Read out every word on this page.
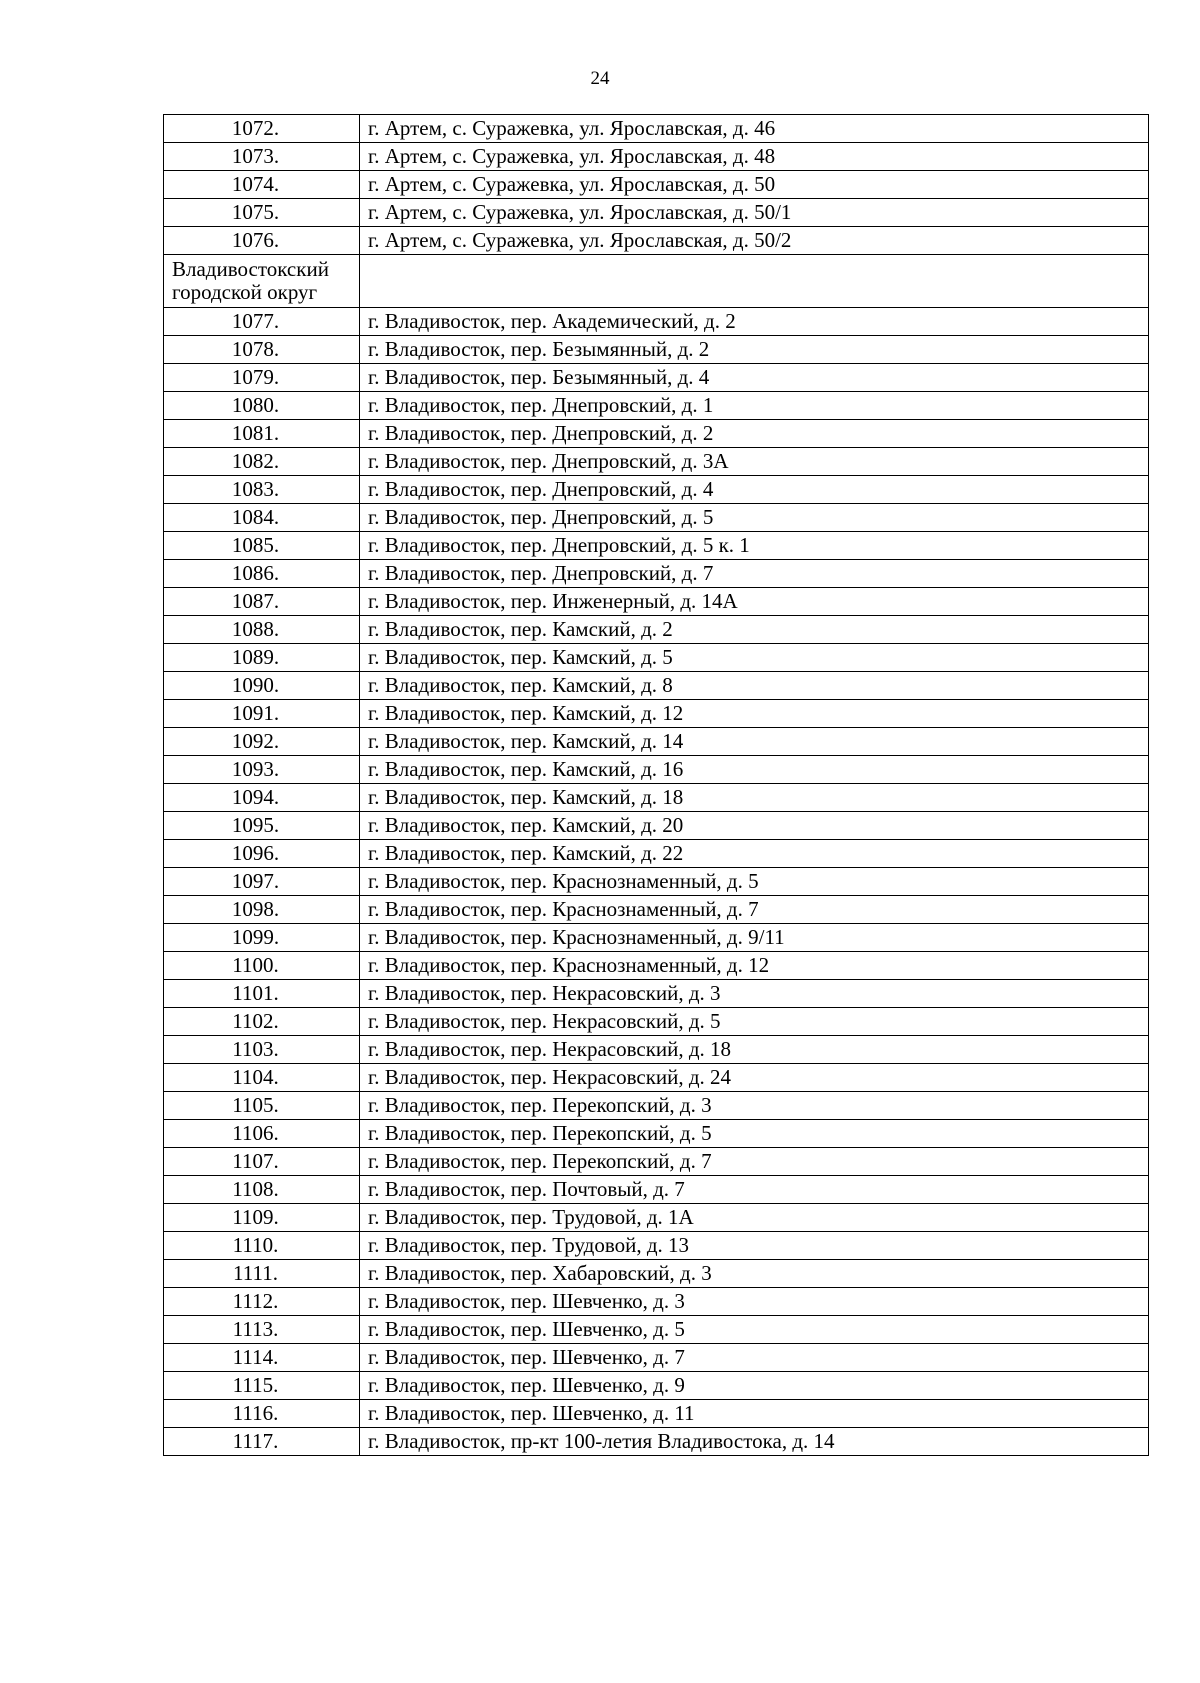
24
1072.	г. Артем, с. Суражевка, ул. Ярославская, д. 46
1073.	г. Артем, с. Суражевка, ул. Ярославская, д. 48
1074.	г. Артем, с. Суражевка, ул. Ярославская, д. 50
1075.	г. Артем, с. Суражевка, ул. Ярославская, д. 50/1
1076.	г. Артем, с. Суражевка, ул. Ярославская, д. 50/2
Владивостокский городской округ	
1077.	г. Владивосток, пер. Академический, д. 2
1078.	г. Владивосток, пер. Безымянный, д. 2
1079.	г. Владивосток, пер. Безымянный, д. 4
1080.	г. Владивосток, пер. Днепровский, д. 1
1081.	г. Владивосток, пер. Днепровский, д. 2
1082.	г. Владивосток, пер. Днепровский, д. 3А
1083.	г. Владивосток, пер. Днепровский, д. 4
1084.	г. Владивосток, пер. Днепровский, д. 5
1085.	г. Владивосток, пер. Днепровский, д. 5 к. 1
1086.	г. Владивосток, пер. Днепровский, д. 7
1087.	г. Владивосток, пер. Инженерный, д. 14А
1088.	г. Владивосток, пер. Камский, д. 2
1089.	г. Владивосток, пер. Камский, д. 5
1090.	г. Владивосток, пер. Камский, д. 8
1091.	г. Владивосток, пер. Камский, д. 12
1092.	г. Владивосток, пер. Камский, д. 14
1093.	г. Владивосток, пер. Камский, д. 16
1094.	г. Владивосток, пер. Камский, д. 18
1095.	г. Владивосток, пер. Камский, д. 20
1096.	г. Владивосток, пер. Камский, д. 22
1097.	г. Владивосток, пер. Краснознаменный, д. 5
1098.	г. Владивосток, пер. Краснознаменный, д. 7
1099.	г. Владивосток, пер. Краснознаменный, д. 9/11
1100.	г. Владивосток, пер. Краснознаменный, д. 12
1101.	г. Владивосток, пер. Некрасовский, д. 3
1102.	г. Владивосток, пер. Некрасовский, д. 5
1103.	г. Владивосток, пер. Некрасовский, д. 18
1104.	г. Владивосток, пер. Некрасовский, д. 24
1105.	г. Владивосток, пер. Перекопский, д. 3
1106.	г. Владивосток, пер. Перекопский, д. 5
1107.	г. Владивосток, пер. Перекопский, д. 7
1108.	г. Владивосток, пер. Почтовый, д. 7
1109.	г. Владивосток, пер. Трудовой, д. 1А
1110.	г. Владивосток, пер. Трудовой, д. 13
1111.	г. Владивосток, пер. Хабаровский, д. 3
1112.	г. Владивосток, пер. Шевченко, д. 3
1113.	г. Владивосток, пер. Шевченко, д. 5
1114.	г. Владивосток, пер. Шевченко, д. 7
1115.	г. Владивосток, пер. Шевченко, д. 9
1116.	г. Владивосток, пер. Шевченко, д. 11
1117.	г. Владивосток, пр-кт 100-летия Владивостока, д. 14
